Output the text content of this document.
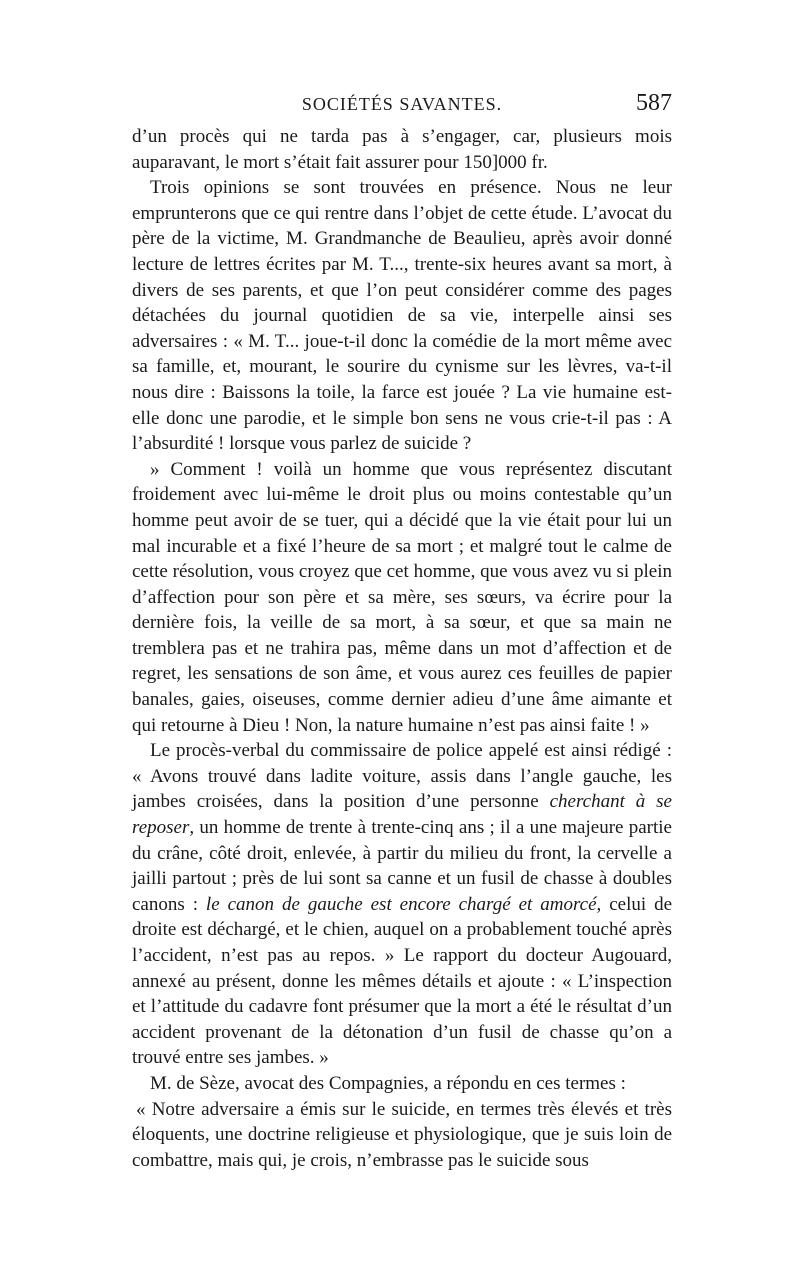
SOCIÉTÉS SAVANTES.	587

d’un procès qui ne tarda pas à s’engager, car, plusieurs mois auparavant, le mort s’était fait assurer pour 150]000 fr.

Trois opinions se sont trouvées en présence. Nous ne leur emprunterons que ce qui rentre dans l’objet de cette étude. L’avocat du père de la victime, M. Grandmanche de Beaulieu, après avoir donné lecture de lettres écrites par M. T..., trente-six heures avant sa mort, à divers de ses parents, et que l’on peut considérer comme des pages détachées du journal quotidien de sa vie, interpelle ainsi ses adversaires : « M. T... joue-t-il donc la comédie de la mort même avec sa famille, et, mourant, le sourire du cynisme sur les lèvres, va-t-il nous dire : Baissons la toile, la farce est jouée ? La vie humaine est-elle donc une parodie, et le simple bon sens ne vous crie-t-il pas : A l’absurdité ! lorsque vous parlez de suicide ?

» Comment ! voilà un homme que vous représentez discutant froidement avec lui-même le droit plus ou moins contestable qu’un homme peut avoir de se tuer, qui a décidé que la vie était pour lui un mal incurable et a fixé l’heure de sa mort ; et malgré tout le calme de cette résolution, vous croyez que cet homme, que vous avez vu si plein d’affection pour son père et sa mère, ses sœurs, va écrire pour la dernière fois, la veille de sa mort, à sa sœur, et que sa main ne tremblera pas et ne trahira pas, même dans un mot d’affection et de regret, les sensations de son âme, et vous aurez ces feuilles de papier banales, gaies, oiseuses, comme dernier adieu d’une âme aimante et qui retourne à Dieu ! Non, la nature humaine n’est pas ainsi faite ! »

Le procès-verbal du commissaire de police appelé est ainsi rédigé : « Avons trouvé dans ladite voiture, assis dans l’angle gauche, les jambes croisées, dans la position d’une personne cherchant à se reposer, un homme de trente à trente-cinq ans ; il a une majeure partie du crâne, côté droit, enlevée, à partir du milieu du front, la cervelle a jailli partout ; près de lui sont sa canne et un fusil de chasse à doubles canons : le canon de gauche est encore chargé et amorcé, celui de droite est déchargé, et le chien, auquel on a probablement touché après l’accident, n’est pas au repos. » Le rapport du docteur Augouard, annexé au présent, donne les mêmes détails et ajoute : « L’inspection et l’attitude du cadavre font présumer que la mort a été le résultat d’un accident provenant de la détonation d’un fusil de chasse qu’on a trouvé entre ses jambes. »

M. de Sèze, avocat des Compagnies, a répondu en ces termes :

« Notre adversaire a émis sur le suicide, en termes très élevés et très éloquents, une doctrine religieuse et physiologique, que je suis loin de combattre, mais qui, je crois, n’embrasse pas le suicide sous
